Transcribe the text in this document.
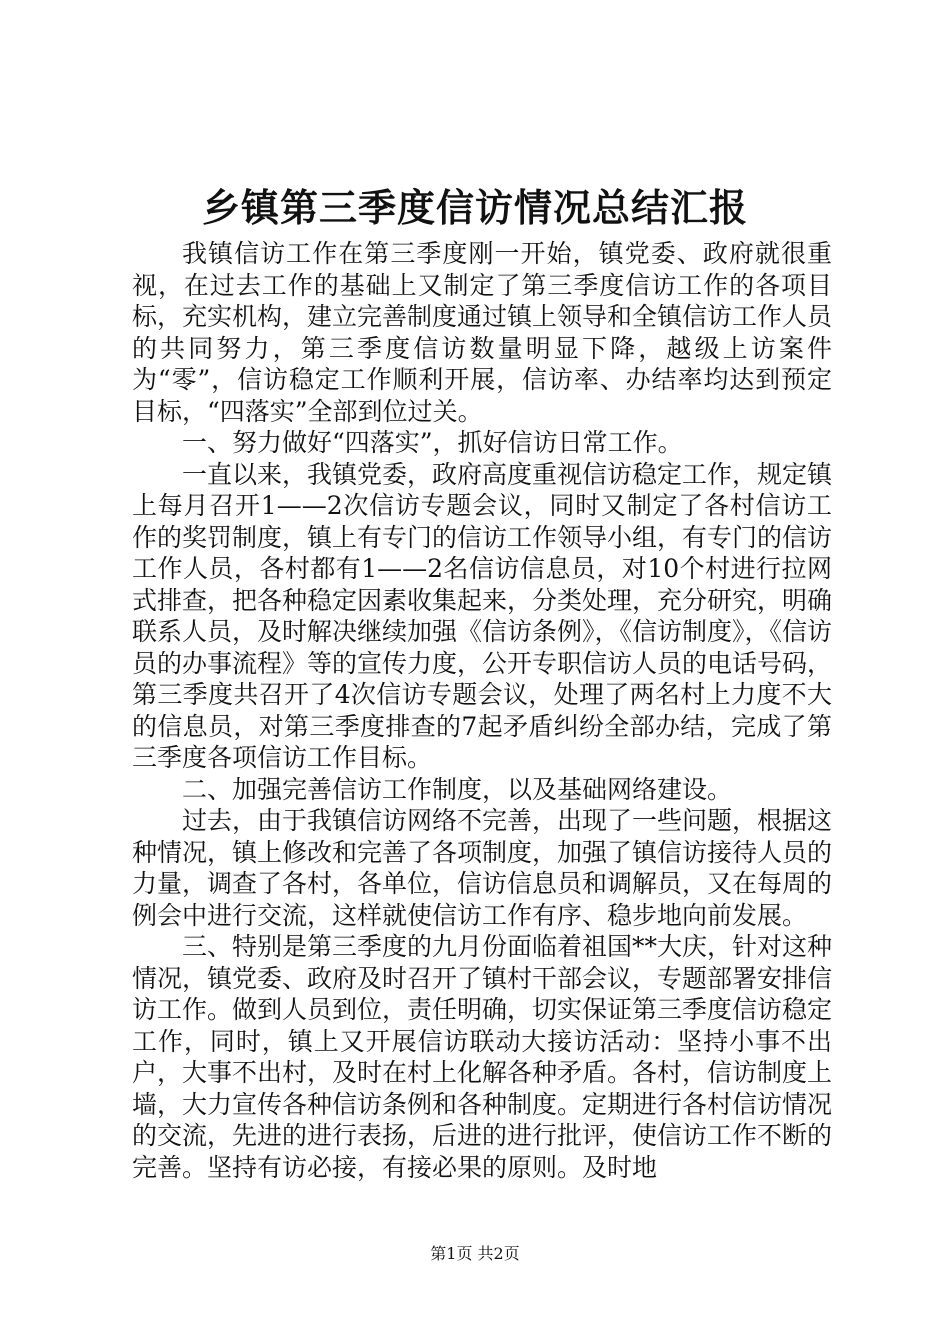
乡镇第三季度信访情况总结汇报

我镇信访工作在第三季度刚一开始，镇党委、政府就很重视，在过去工作的基础上又制定了第三季度信访工作的各项目标，充实机构，建立完善制度通过镇上领导和全镇信访工作人员的共同努力，第三季度信访数量明显下降，越级上访案件为“零”，信访稳定工作顺利开展，信访率、办结率均达到预定目标，“四落实”全部到位过关。

一、努力做好“四落实”，抓好信访日常工作。

一直以来，我镇党委，政府高度重视信访稳定工作，规定镇上每月召开1——2次信访专题会议，同时又制定了各村信访工作的奖罚制度，镇上有专门的信访工作领导小组，有专门的信访工作人员，各村都有1——2名信访信息员，对10个村进行拉网式排查，把各种稳定因素收集起来，分类处理，充分研究，明确联系人员，及时解决继续加强《信访条例》，《信访制度》，《信访员的办事流程》等的宣传力度，公开专职信访人员的电话号码，第三季度共召开了4次信访专题会议，处理了两名村上力度不大的信息员，对第三季度排查的7起矛盾纠纷全部办结，完成了第三季度各项信访工作目标。

二、加强完善信访工作制度，以及基础网络建设。

过去，由于我镇信访网络不完善，出现了一些问题，根据这种情况，镇上修改和完善了各项制度，加强了镇信访接待人员的力量，调查了各村，各单位，信访信息员和调解员，又在每周的例会中进行交流，这样就使信访工作有序、稳步地向前发展。

三、特别是第三季度的九月份面临着祖国**大庆，针对这种情况，镇党委、政府及时召开了镇村干部会议，专题部署安排信访工作。做到人员到位，责任明确，切实保证第三季度信访稳定工作，同时，镇上又开展信访联动大接访活动：坚持小事不出户，大事不出村，及时在村上化解各种矛盾。各村，信访制度上墙，大力宣传各种信访条例和各种制度。定期进行各村信访情况的交流，先进的进行表扬，后进的进行批评，使信访工作不断的完善。坚持有访必接，有接必果的原则。及时地

第1页 共2页
